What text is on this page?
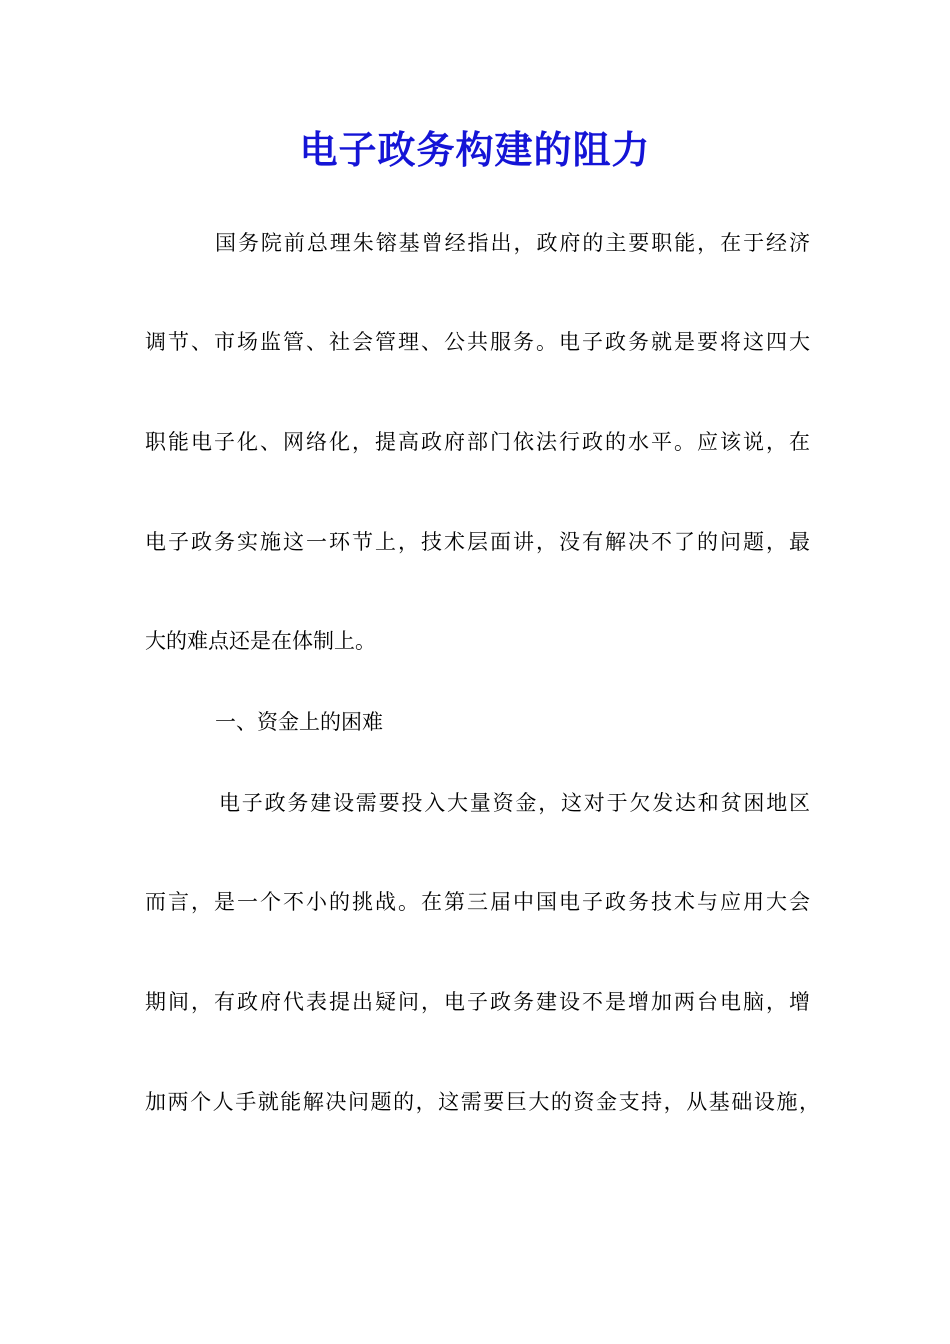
电子政务构建的阻力

国务院前总理朱镕基曾经指出，政府的主要职能，在于经济

调节、市场监管、社会管理、公共服务。电子政务就是要将这四大

职能电子化、网络化，提高政府部门依法行政的水平。应该说，在

电子政务实施这一环节上，技术层面讲，没有解决不了的问题，最

大的难点还是在体制上。

一、资金上的困难

电子政务建设需要投入大量资金，这对于欠发达和贫困地区

而言，是一个不小的挑战。在第三届中国电子政务技术与应用大会

期间，有政府代表提出疑问，电子政务建设不是增加两台电脑，增

加两个人手就能解决问题的，这需要巨大的资金支持，从基础设施，
